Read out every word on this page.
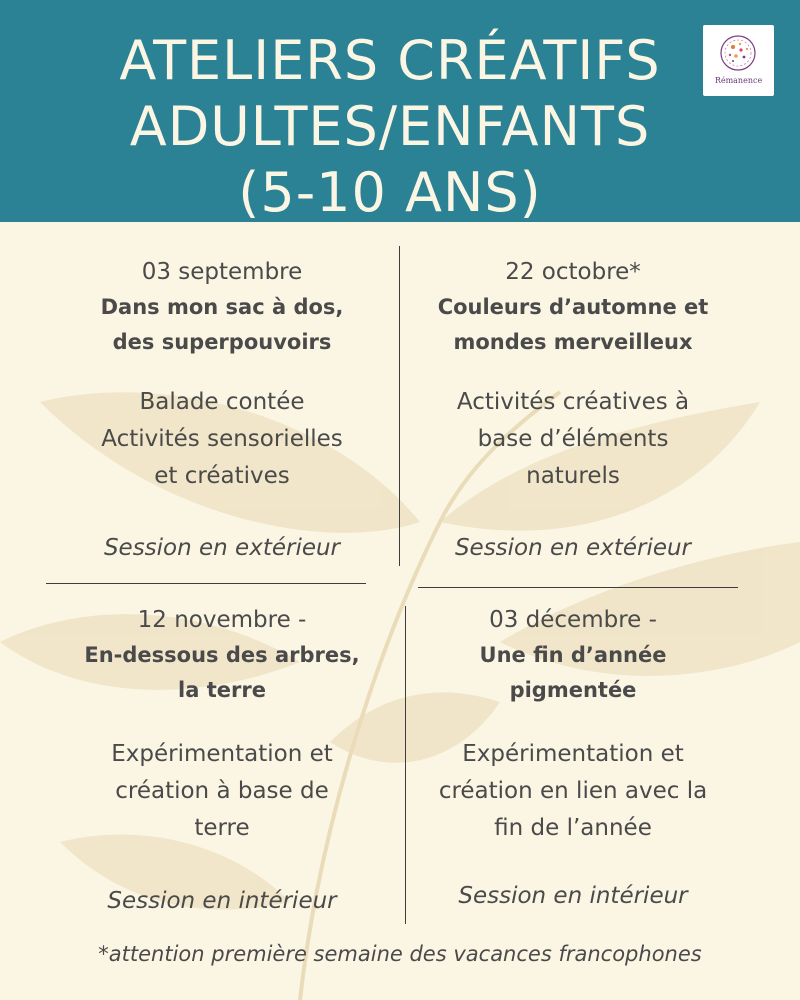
ATELIERS CRÉATIFS
ADULTES/ENFANTS
(5-10 ANS)
Rémanence
03 septembre
Dans mon sac à dos,
des superpouvoirs
Balade contée
Activités sensorielles
et créatives
Session en extérieur
22 octobre*
Couleurs d’automne et
mondes merveilleux
Activités créatives à
base d’éléments
naturels
Session en extérieur
12 novembre -
En-dessous des arbres,
la terre
Expérimentation et
création à base de
terre
Session en intérieur
03 décembre -
Une fin d’année
pigmentée
Expérimentation et
création en lien avec la
fin de l’année
Session en intérieur
*attention première semaine des vacances francophones
